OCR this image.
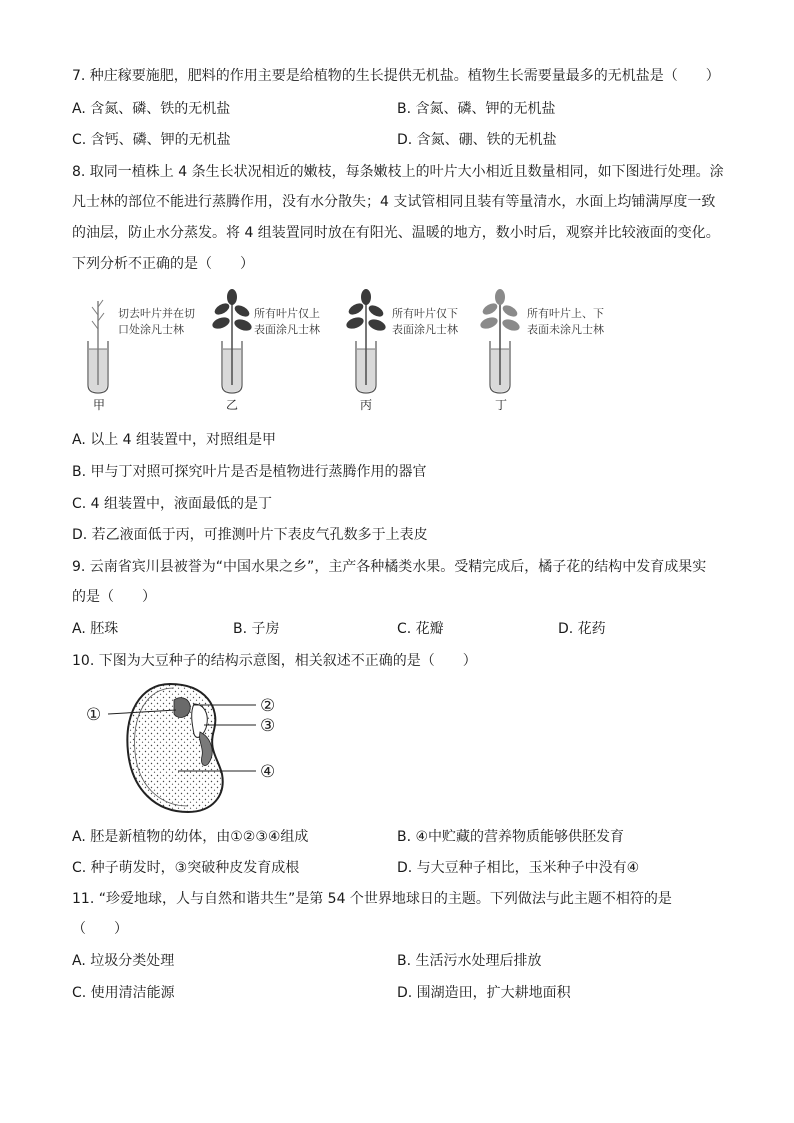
7. 种庄稼要施肥，肥料的作用主要是给植物的生长提供无机盐。植物生长需要量最多的无机盐是（　　）
A. 含氮、磷、铁的无机盐	B. 含氮、磷、钾的无机盐
C. 含钙、磷、钾的无机盐	D. 含氮、硼、铁的无机盐
8. 取同一植株上 4 条生长状况相近的嫩枝，每条嫩枝上的叶片大小相近且数量相同，如下图进行处理。涂
凡士林的部位不能进行蒸腾作用，没有水分散失；4 支试管相同且装有等量清水，水面上均铺满厚度一致
的油层，防止水分蒸发。将 4 组装置同时放在有阳光、温暖的地方，数小时后，观察并比较液面的变化。
下列分析不正确的是（　　）
切去叶片并在切
口处涂凡士林
甲
所有叶片仅上
表面涂凡士林
乙
所有叶片仅下
表面涂凡士林
丙
所有叶片上、下
表面未涂凡士林
丁
A. 以上 4 组装置中，对照组是甲
B. 甲与丁对照可探究叶片是否是植物进行蒸腾作用的器官
C. 4 组装置中，液面最低的是丁
D. 若乙液面低于丙，可推测叶片下表皮气孔数多于上表皮
9. 云南省宾川县被誉为“中国水果之乡”，主产各种橘类水果。受精完成后，橘子花的结构中发育成果实
的是（　　）
A. 胚珠	B. 子房	C. 花瓣	D. 花药
10. 下图为大豆种子的结构示意图，相关叙述不正确的是（　　）
①	②
③
④
A. 胚是新植物的幼体，由①②③④组成	B. ④中贮藏的营养物质能够供胚发育
C. 种子萌发时，③突破种皮发育成根	D. 与大豆种子相比，玉米种子中没有④
11. “珍爱地球，人与自然和谐共生”是第 54 个世界地球日的主题。下列做法与此主题不相符的是
（　　）
A. 垃圾分类处理	B. 生活污水处理后排放
C. 使用清洁能源	D. 围湖造田，扩大耕地面积
